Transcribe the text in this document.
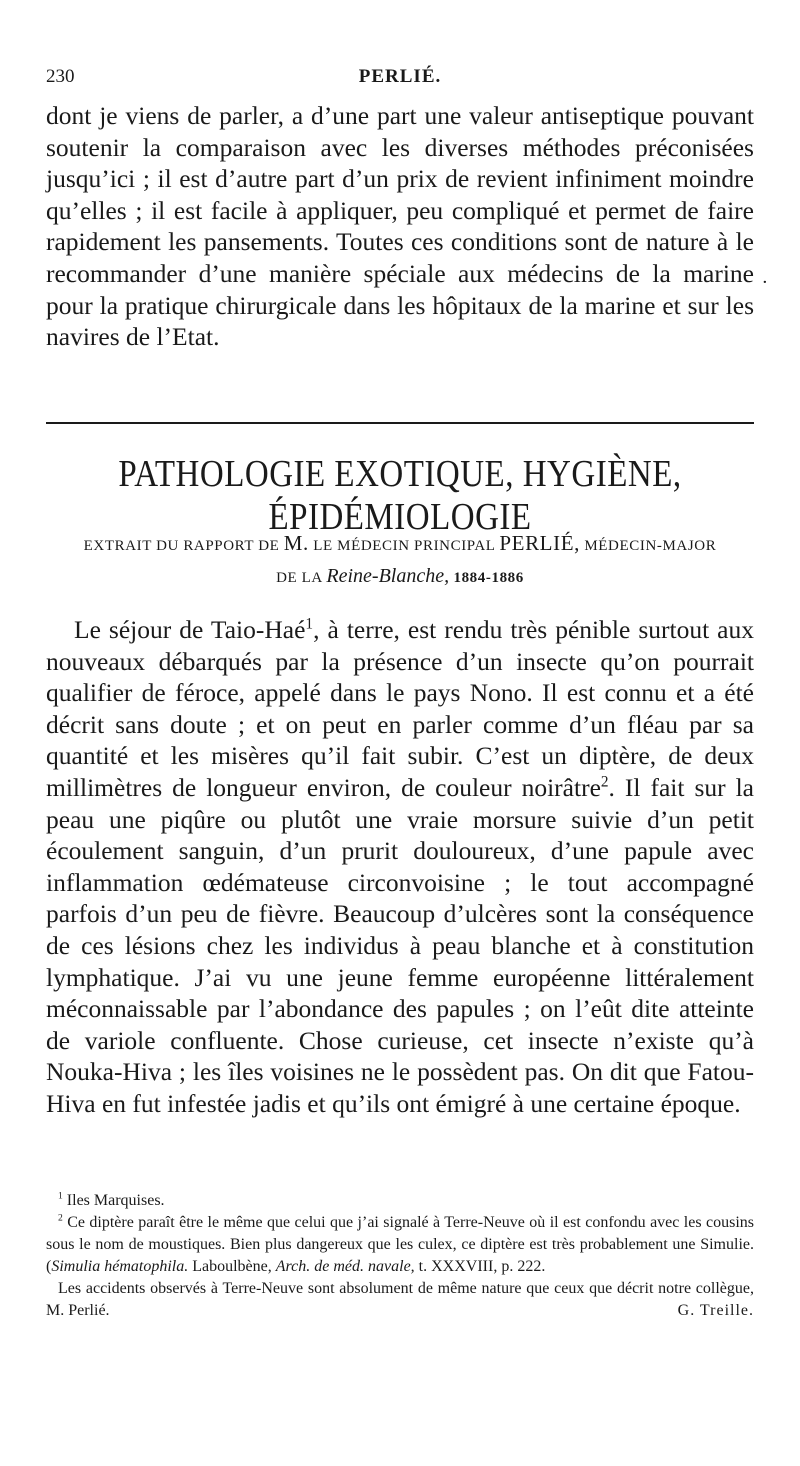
230	PERLIÉ.

dont je viens de parler, a d’une part une valeur antiseptique pouvant soutenir la comparaison avec les diverses méthodes préconisées jusqu’ici ; il est d’autre part d’un prix de revient infiniment moindre qu’elles ; il est facile à appliquer, peu compliqué et permet de faire rapidement les pansements. Toutes ces conditions sont de nature à le recommander d’une manière spéciale aux médecins de la marine pour la pratique chirurgicale dans les hôpitaux de la marine et sur les navires de l’Etat.

·
PATHOLOGIE EXOTIQUE, HYGIÈNE, ÉPIDÉMIOLOGIE
EXTRAIT DU RAPPORT DE M. LE MÉDECIN PRINCIPAL PERLIÉ, MÉDECIN-MAJOR
DE LA Reine-Blanche, 1884-1886

Le séjour de Taio-Haé$^1$, à terre, est rendu très pénible surtout aux nouveaux débarqués par la présence d’un insecte qu’on pourrait qualifier de féroce, appelé dans le pays Nono. Il est connu et a été décrit sans doute ; et on peut en parler comme d’un fléau par sa quantité et les misères qu’il fait subir. C’est un diptère, de deux millimètres de longueur environ, de couleur noirâtre$^2$. Il fait sur la peau une piqûre ou plutôt une vraie morsure suivie d’un petit écoulement sanguin, d’un prurit douloureux, d’une papule avec inflammation œdémateuse circonvoisine ; le tout accompagné parfois d’un peu de fièvre. Beaucoup d’ulcères sont la conséquence de ces lésions chez les individus à peau blanche et à constitution lymphatique. J’ai vu une jeune femme européenne littéralement méconnaissable par l’abondance des papules ; on l’eût dite atteinte de variole confluente. Chose curieuse, cet insecte n’existe qu’à Nouka-Hiva ; les îles voisines ne le possèdent pas. On dit que Fatou-Hiva en fut infestée jadis et qu’ils ont émigré à une certaine époque.

$^1$ Iles Marquises.

$^2$ Ce diptère paraît être le même que celui que j’ai signalé à Terre-Neuve où il est confondu avec les cousins sous le nom de moustiques. Bien plus dangereux que les culex, ce diptère est très probablement une Simulie. (Simulia hématophila. Laboulbène, Arch. de méd. navale, t. XXXVIII, p. 222.

Les accidents observés à Terre-Neuve sont absolument de même nature que ceux que décrit notre collègue, M. Perlié.	G. Treille.
